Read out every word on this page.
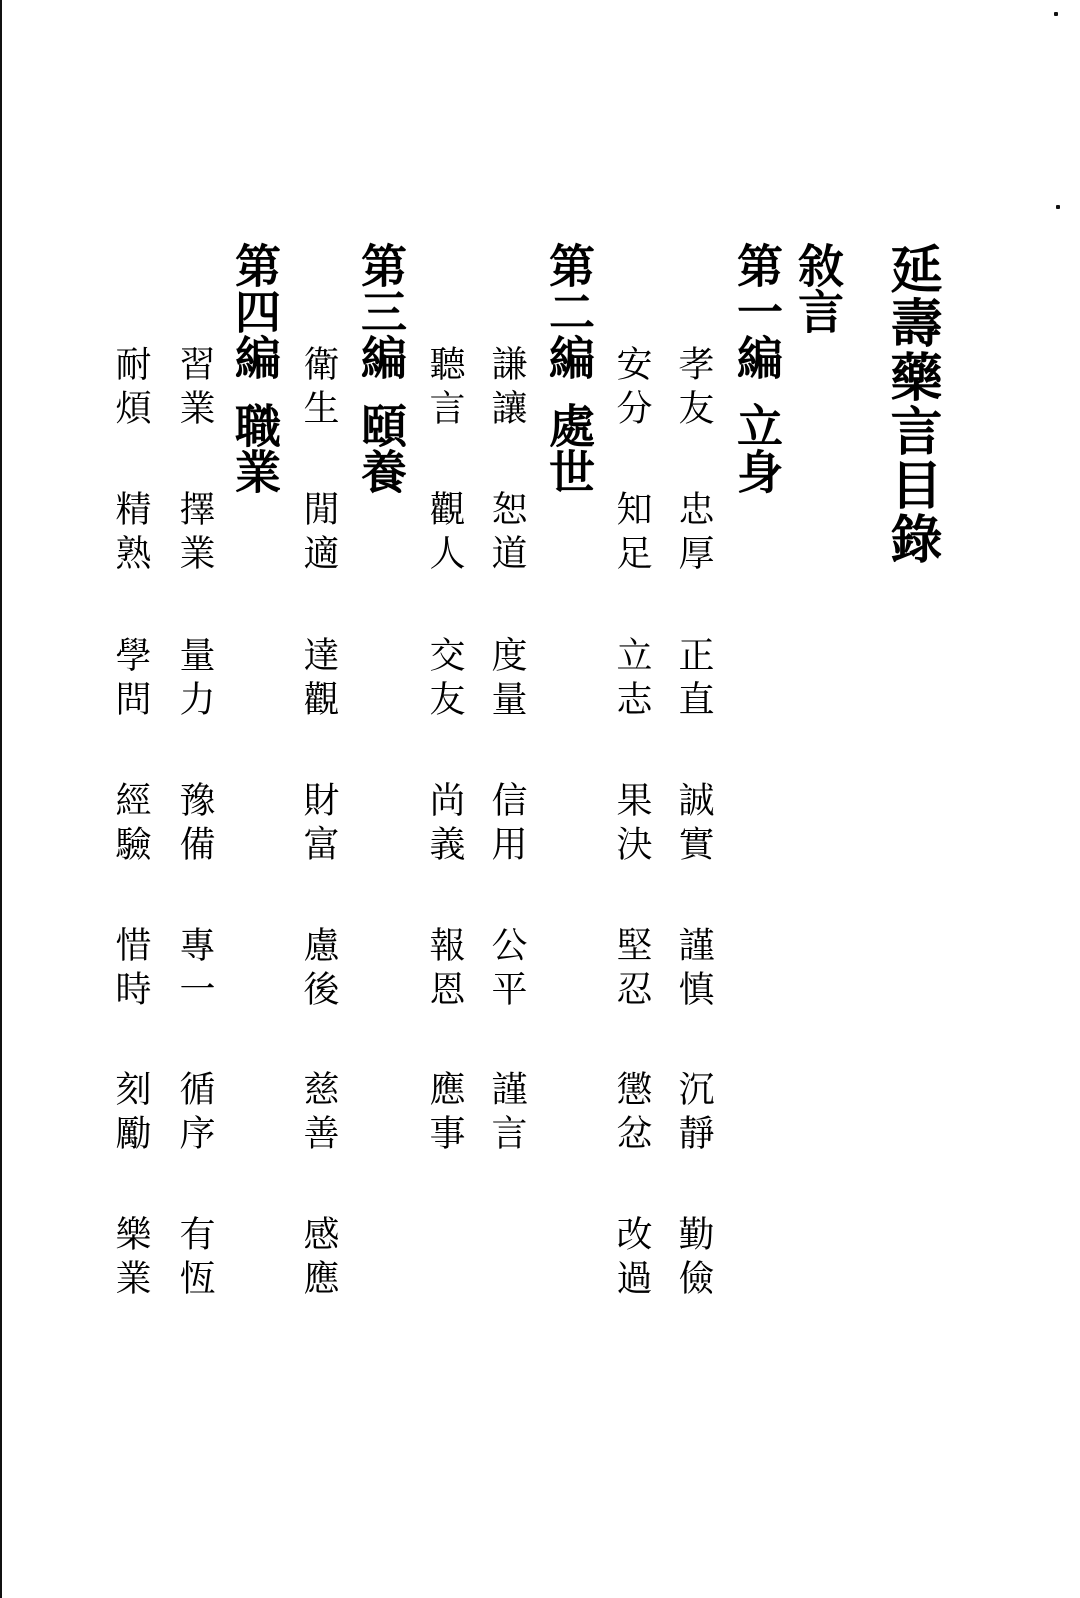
延壽藥言目錄
敘言
第一編立身
第二編處世
第三編頤養
第四編職業
孝友
忠厚
正直
誠實
謹慎
沉靜
勤儉
安分
知足
立志
果決
堅忍
懲忿
改過
謙讓
恕道
度量
信用
公平
謹言
聽言
觀人
交友
尚義
報恩
應事
衛生
閒適
達觀
財富
慮後
慈善
感應
習業
擇業
量力
豫備
專一
循序
有恆
耐煩
精熟
學問
經驗
惜時
刻勵
樂業
